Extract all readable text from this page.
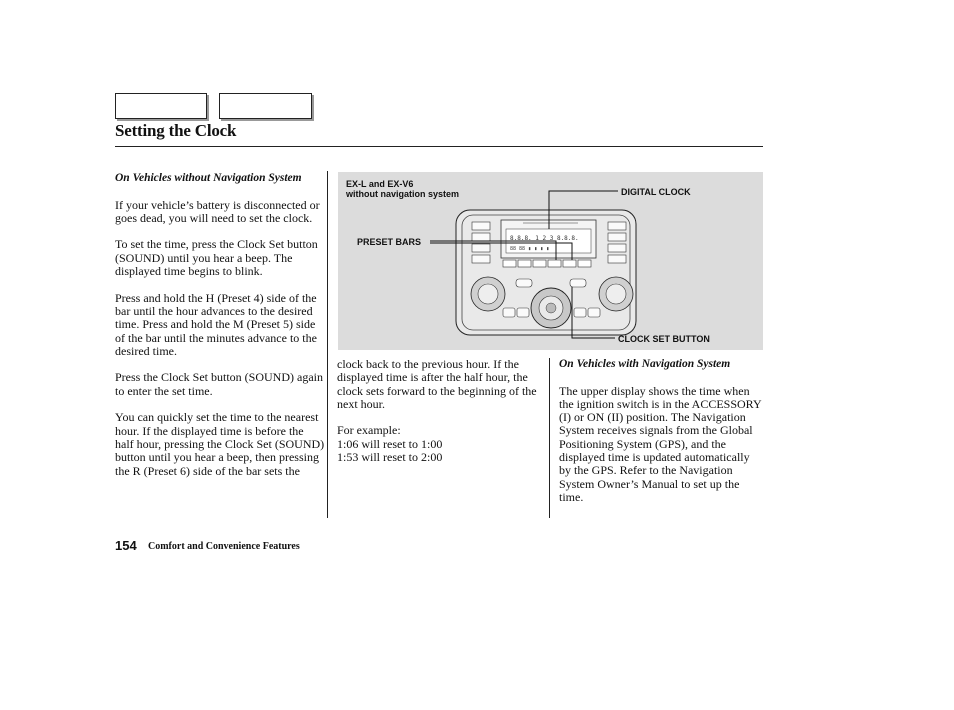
Setting the Clock

On Vehicles without Navigation System

If your vehicle’s battery is disconnected or goes dead, you will need to set the clock.

To set the time, press the Clock Set button (SOUND) until you hear a beep. The displayed time begins to blink.

Press and hold the H (Preset 4) side of the bar until the hour advances to the desired time. Press and hold the M (Preset 5) side of the bar until the minutes advance to the desired time.

Press the Clock Set button (SOUND) again to enter the set time.

You can quickly set the time to the nearest hour. If the displayed time is before the half hour, pressing the Clock Set (SOUND) button until you hear a beep, then pressing the R (Preset 6) side of the bar sets the

8.8.8. 1 2 3 8.8.8.
88 88 ▮ ▮ ▮ ▮
EX-L and EX-V6
without navigation system	DIGITAL CLOCK
PRESET BARS
CLOCK SET BUTTON

clock back to the previous hour. If the displayed time is after the half hour, the clock sets forward to the beginning of the next hour.

For example:

1:06 will reset to 1:00

1:53 will reset to 2:00

On Vehicles with Navigation System

The upper display shows the time when the ignition switch is in the ACCESSORY (I) or ON (II) position. The Navigation System receives signals from the Global Positioning System (GPS), and the displayed time is updated automatically by the GPS. Refer to the Navigation System Owner’s Manual to set up the time.

154 Comfort and Convenience Features
